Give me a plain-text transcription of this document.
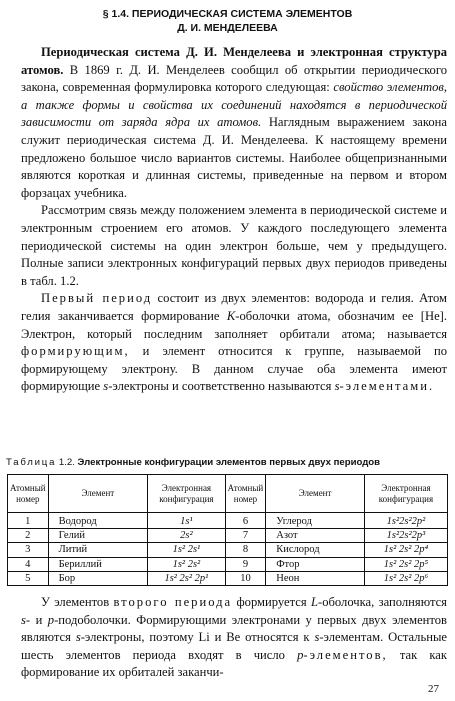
§ 1.4. ПЕРИОДИЧЕСКАЯ СИСТЕМА ЭЛЕМЕНТОВ
Д. И. МЕНДЕЛЕЕВА

Периодическая система Д. И. Менделеева и электронная структура атомов. В 1869 г. Д. И. Менделеев сообщил об открытии периодического закона, современная формулировка которого следующая: свойство элементов, а также формы и свойства их соединений находятся в периодической зависимости от заряда ядра их атомов. Наглядным выражением закона служит периодическая система Д. И. Менделеева. К настоящему времени предложено большое число вариантов системы. Наиболее общепризнанными являются короткая и длинная системы, приведенные на первом и втором форзацах учебника.

Рассмотрим связь между положением элемента в периодической системе и электронным строением его атомов. У каждого последующего элемента периодической системы на один электрон больше, чем у предыдущего. Полные записи электронных конфигураций первых двух периодов приведены в табл. 1.2.

Первый период состоит из двух элементов: водорода и гелия. Атом гелия заканчивается формирование K-оболочки атома, обозначим ее [He]. Электрон, который последним заполняет орбитали атома; называется формирующим, и элемент относится к группе, называемой по формирующему электрону. В данном случае оба элемента имеют формирующие s-электроны и соответственно называются s-элементами.

Таблица 1.2. Электронные конфигурации элементов первых двух периодов
Атомный номер	Элемент	Электронная конфигурация	Атомный номер	Элемент	Электронная конфигурация
1	Водород	1s¹	6	Углерод	1s²2s²2p²
2	Гелий	2s²	7	Азот	1s²2s²2p³
3	Литий	1s² 2s¹	8	Кислород	1s² 2s² 2p⁴
4	Бериллий	1s² 2s²	9	Фтор	1s² 2s² 2p⁵
5	Бор	1s² 2s² 2p¹	10	Неон	1s² 2s² 2p⁶

У элементов второго периода формируется L-оболочка, заполняются s- и p-подоболочки. Формирующими электронами у первых двух элементов являются s-электроны, поэтому Li и Be относятся к s-элементам. Остальные шесть элементов периода входят в число p-элементов, так как формирование их орбиталей заканчи-

27
